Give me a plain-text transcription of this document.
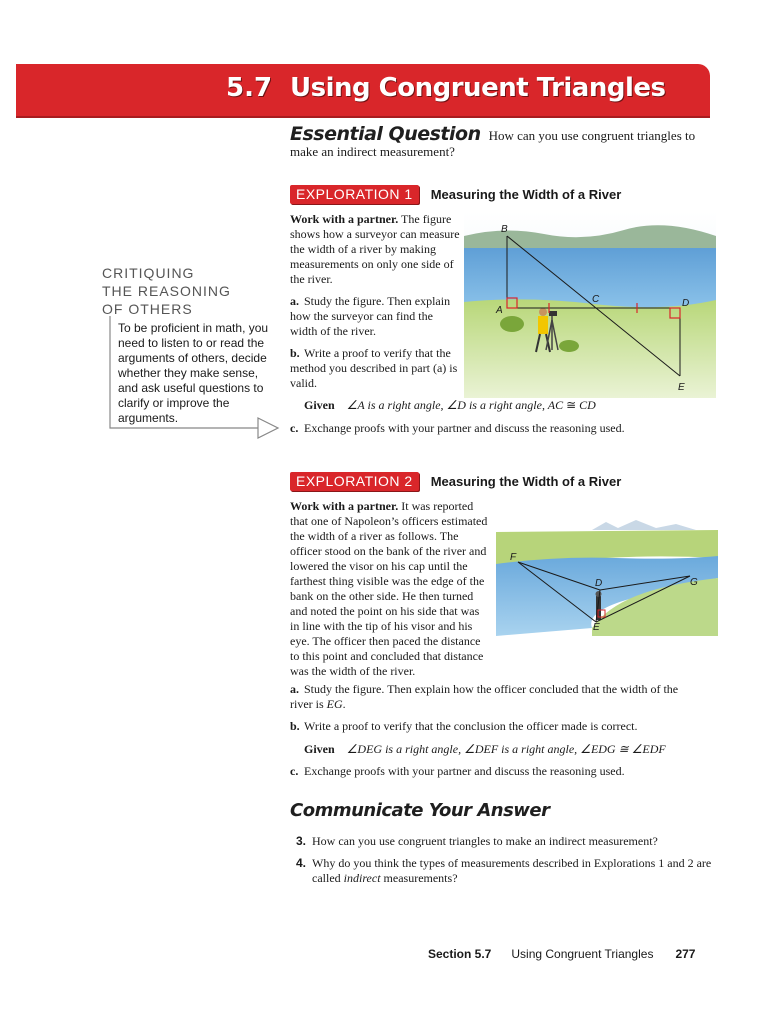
5.7 Using Congruent Triangles
Essential Question How can you use congruent triangles to make an indirect measurement?
CRITIQUING
THE REASONING
OF OTHERS
To be proficient in math, you need to listen to or read the arguments of others, decide whether they make sense, and ask useful questions to clarify or improve the arguments.
EXPLORATION 1 Measuring the Width of a River
Work with a partner. The figure shows how a surveyor can measure the width of a river by making measurements on only one side of the river.
a. Study the figure. Then explain how the surveyor can find the width of the river.
b. Write a proof to verify that the method you described in part (a) is valid.
Given ∠A is a right angle, ∠D is a right angle, $\overline{AC}$ ≅ $\overline{CD}$
c. Exchange proofs with your partner and discuss the reasoning used.
B
A
C	D
E
EXPLORATION 2 Measuring the Width of a River
Work with a partner. It was reported that one of Napoleon’s officers estimated the width of a river as follows. The officer stood on the bank of the river and lowered the visor on his cap until the farthest thing visible was the edge of the bank on the other side. He then turned and noted the point on his side that was in line with the tip of his visor and his eye. The officer then paced the distance to this point and concluded that distance was the width of the river.
F
D	G
E
a. Study the figure. Then explain how the officer concluded that the width of the river is EG.
b. Write a proof to verify that the conclusion the officer made is correct.
Given ∠DEG is a right angle, ∠DEF is a right angle, ∠EDG ≅ ∠EDF
c. Exchange proofs with your partner and discuss the reasoning used.
Communicate Your Answer
3. How can you use congruent triangles to make an indirect measurement?
4. Why do you think the types of measurements described in Explorations 1 and 2 are called indirect measurements?
Section 5.7 Using Congruent Triangles 277
